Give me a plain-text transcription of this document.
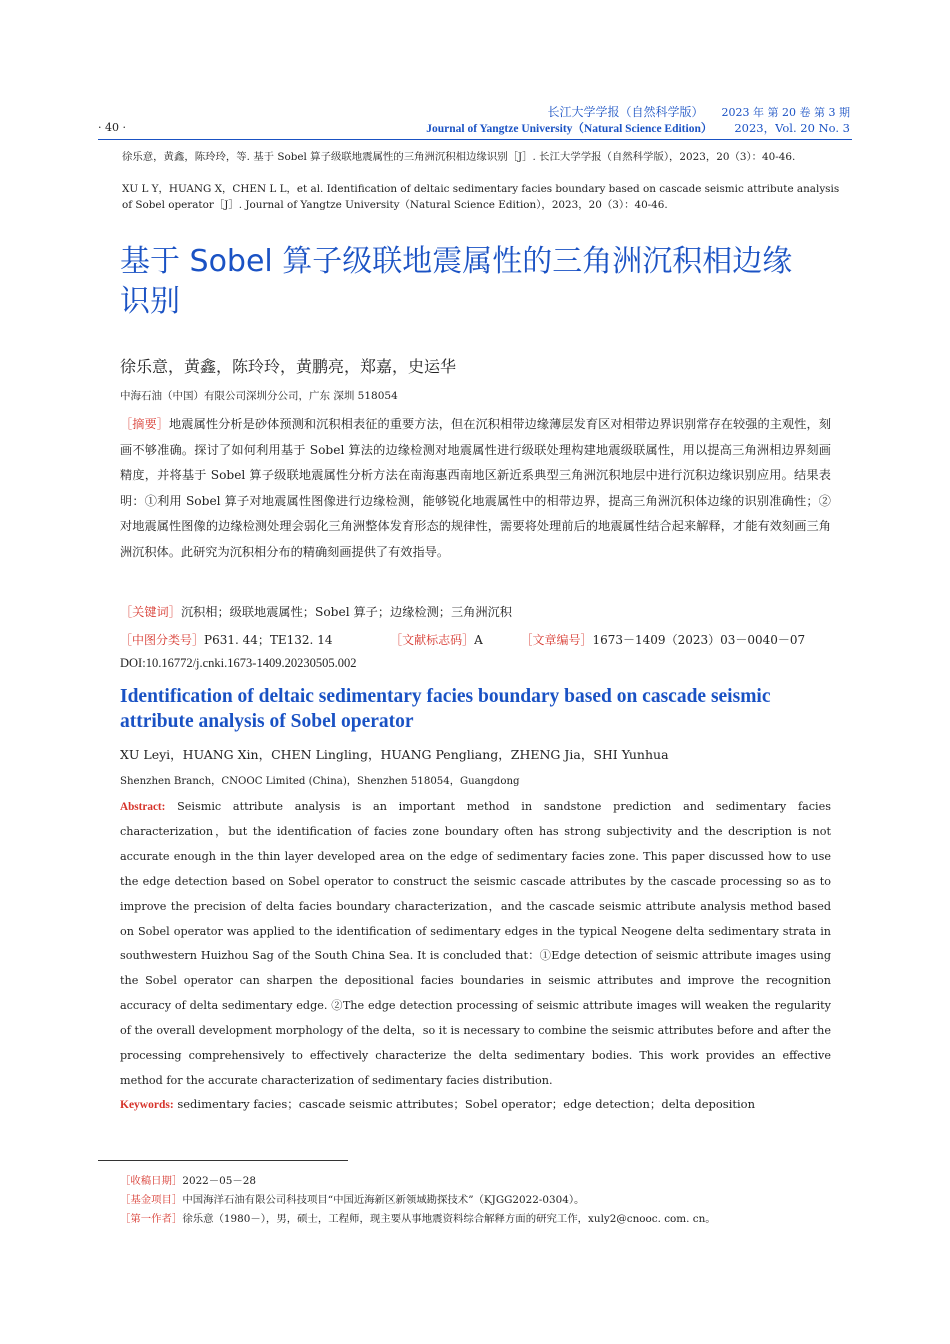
长江大学学报（自然科学版） 2023 年 第 20 卷 第 3 期
· 40 ·	Journal of Yangtze University（Natural Science Edition） 2023，Vol. 20 No. 3
徐乐意，黄鑫，陈玲玲，等. 基于 Sobel 算子级联地震属性的三角洲沉积相边缘识别［J］. 长江大学学报（自然科学版），2023，20（3）：40-46.
XU L Y，HUANG X，CHEN L L，et al. Identification of deltaic sedimentary facies boundary based on cascade seismic attribute analysis of Sobel operator［J］. Journal of Yangtze University（Natural Science Edition），2023，20（3）：40-46.
基于 Sobel 算子级联地震属性的三角洲沉积相边缘识别
徐乐意，黄鑫，陈玲玲，黄鹏亮，郑嘉，史运华
中海石油（中国）有限公司深圳分公司，广东 深圳 518054
［摘要］地震属性分析是砂体预测和沉积相表征的重要方法，但在沉积相带边缘薄层发育区对相带边界识别常存在较强的主观性，刻画不够准确。探讨了如何利用基于 Sobel 算法的边缘检测对地震属性进行级联处理构建地震级联属性，用以提高三角洲相边界刻画精度，并将基于 Sobel 算子级联地震属性分析方法在南海惠西南地区新近系典型三角洲沉积地层中进行沉积边缘识别应用。结果表明：①利用 Sobel 算子对地震属性图像进行边缘检测，能够锐化地震属性中的相带边界，提高三角洲沉积体边缘的识别准确性；②对地震属性图像的边缘检测处理会弱化三角洲整体发育形态的规律性，需要将处理前后的地震属性结合起来解释，才能有效刻画三角洲沉积体。此研究为沉积相分布的精确刻画提供了有效指导。
［关键词］沉积相；级联地震属性；Sobel 算子；边缘检测；三角洲沉积
［中图分类号］P631. 44；TE132. 14	［文献标志码］A	［文章编号］1673－1409（2023）03－0040－07
DOI:10.16772/j.cnki.1673-1409.20230505.002
Identification of deltaic sedimentary facies boundary based on cascade seismic attribute analysis of Sobel operator
XU Leyi，HUANG Xin，CHEN Lingling，HUANG Pengliang，ZHENG Jia，SHI Yunhua
Shenzhen Branch，CNOOC Limited (China)，Shenzhen 518054，Guangdong
Abstract: Seismic attribute analysis is an important method in sandstone prediction and sedimentary facies characterization，but the identification of facies zone boundary often has strong subjectivity and the description is not accurate enough in the thin layer developed area on the edge of sedimentary facies zone. This paper discussed how to use the edge detection based on Sobel operator to construct the seismic cascade attributes by the cascade processing so as to improve the precision of delta facies boundary characterization，and the cascade seismic attribute analysis method based on Sobel operator was applied to the identification of sedimentary edges in the typical Neogene delta sedimentary strata in southwestern Huizhou Sag of the South China Sea. It is concluded that：①Edge detection of seismic attribute images using the Sobel operator can sharpen the depositional facies boundaries in seismic attributes and improve the recognition accuracy of delta sedimentary edge. ②The edge detection processing of seismic attribute images will weaken the regularity of the overall development morphology of the delta，so it is necessary to combine the seismic attributes before and after the processing comprehensively to effectively characterize the delta sedimentary bodies. This work provides an effective method for the accurate characterization of sedimentary facies distribution.
Keywords: sedimentary facies；cascade seismic attributes；Sobel operator；edge detection；delta deposition
［收稿日期］2022－05－28
［基金项目］中国海洋石油有限公司科技项目“中国近海新区新领域勘探技术”（KJGG2022-0304）。
［第一作者］徐乐意（1980－），男，硕士，工程师，现主要从事地震资料综合解释方面的研究工作，xuly2@cnooc. com. cn。
